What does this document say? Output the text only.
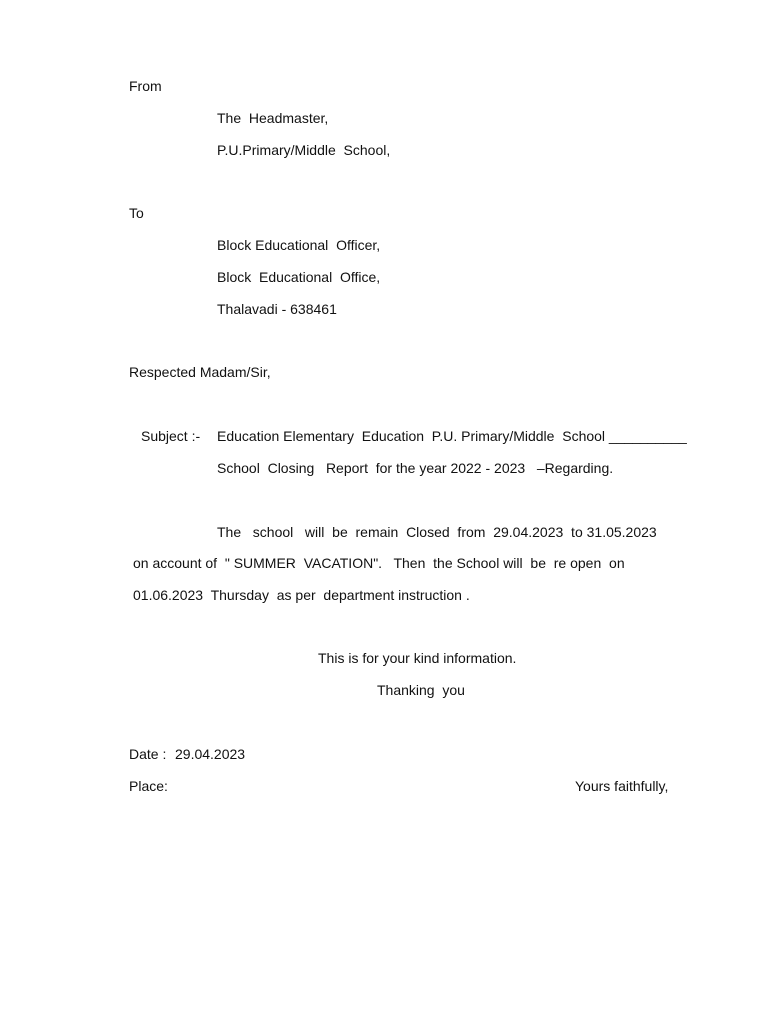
From
The  Headmaster,
P.U.Primary/Middle  School,
To
Block Educational  Officer,
Block  Educational  Office,
Thalavadi - 638461
Respected Madam/Sir,
Subject :- Education Elementary  Education  P.U. Primary/Middle  School __________
School  Closing   Report  for the year 2022 - 2023   –Regarding.
The   school   will  be  remain  Closed  from  29.04.2023  to 31.05.2023
on account of  " SUMMER  VACATION".   Then  the School will  be  re open  on
01.06.2023  Thursday  as per  department instruction .
This is for your kind information.
Thanking  you
Date : 29.04.2023
Place:	Yours faithfully,
